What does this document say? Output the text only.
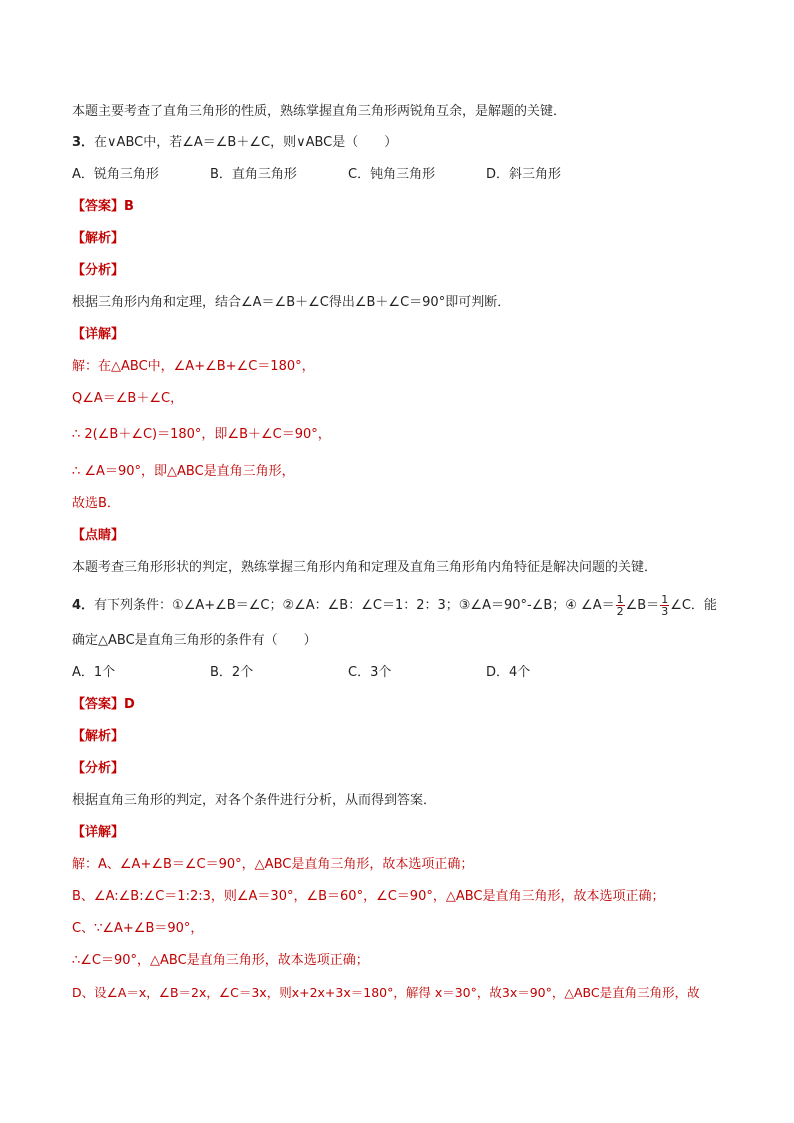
本题主要考查了直角三角形的性质，熟练掌握直角三角形两锐角互余，是解题的关键．
3．在∨ABC中，若∠A＝∠B＋∠C，则∨ABC是（　　）
A．锐角三角形	B．直角三角形	C．钝角三角形	D．斜三角形
【答案】B
【解析】
【分析】
根据三角形内角和定理，结合∠A＝∠B＋∠C得出∠B＋∠C＝90°即可判断．
【详解】
解：在△ABC中，∠A+∠B+∠C＝180°，
Q∠A＝∠B＋∠C，
∴ 2(∠B＋∠C)＝180°，即∠B＋∠C＝90°，
∴ ∠A＝90°，即△ABC是直角三角形，
故选B．
【点睛】
本题考查三角形形状的判定，熟练掌握三角形内角和定理及直角三角形角内角特征是解决问题的关键．
4．有下列条件：①∠A+∠B＝∠C；②∠A：∠B：∠C＝1：2：3；③∠A＝90°-∠B；④ ∠A＝ $\frac{1}{2}$ ∠B＝ $\frac{1}{3}$ ∠C．能
确定△ABC是直角三角形的条件有（　　）
A．1个	B．2个	C．3个	D．4个
【答案】D
【解析】
【分析】
根据直角三角形的判定，对各个条件进行分析，从而得到答案．
【详解】
解：A、∠A+∠B＝∠C＝90°，△ABC是直角三角形，故本选项正确；
B、∠A:∠B:∠C＝1:2:3，则∠A＝30°，∠B＝60°，∠C＝90°，△ABC是直角三角形，故本选项正确；
C、∵∠A+∠B＝90°，
∴∠C＝90°，△ABC是直角三角形，故本选项正确；
D、设∠A＝x，∠B＝2x，∠C＝3x，则x+2x+3x＝180°，解得 x＝30°，故3x＝90°，△ABC是直角三角形，故
